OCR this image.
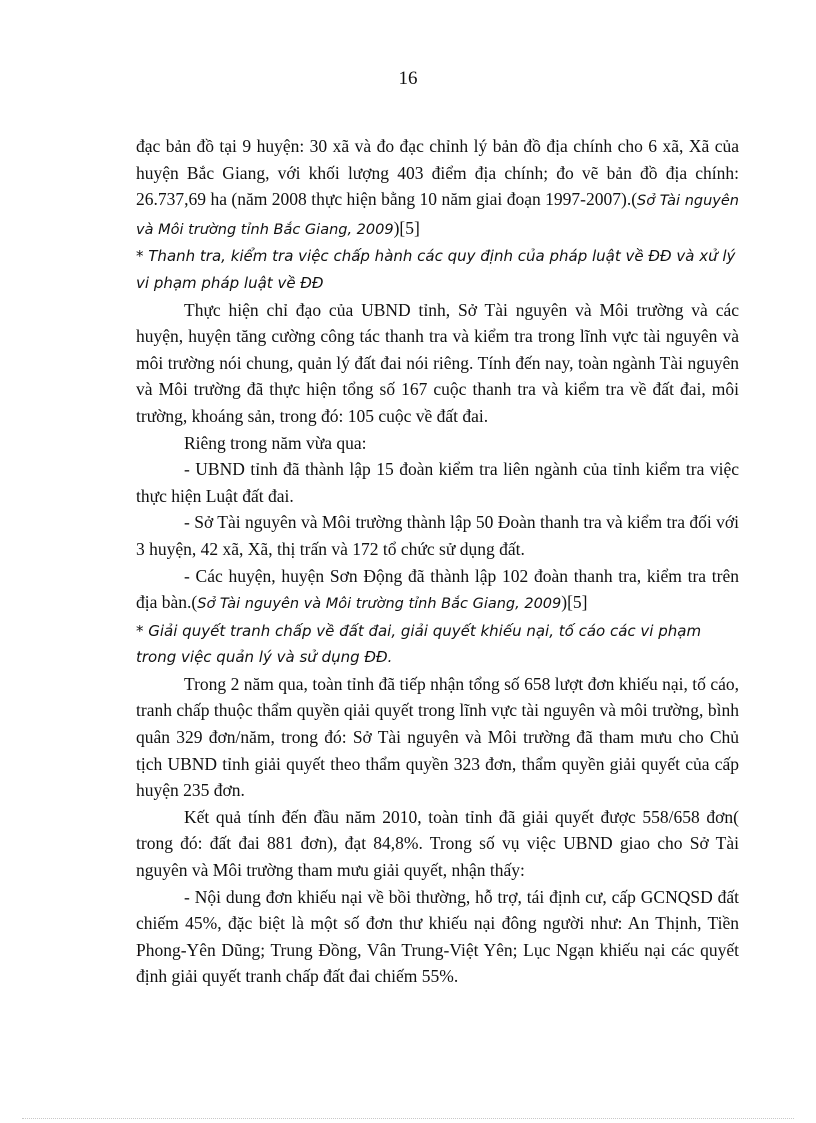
16

đạc bản đồ tại 9 huyện: 30 xã và đo đạc chỉnh lý bản đồ địa chính cho 6 xã, Xã của huyện Bắc Giang, với khối lượng 403 điểm địa chính; đo vẽ bản đồ địa chính: 26.737,69 ha (năm 2008 thực hiện bằng 10 năm giai đoạn 1997-2007).(Sở Tài nguyên và Môi trường tỉnh Bắc Giang, 2009)[5]

* Thanh tra, kiểm tra việc chấp hành các quy định của pháp luật về ĐĐ và xử lý vi phạm pháp luật về ĐĐ

Thực hiện chỉ đạo của UBND tỉnh, Sở Tài nguyên và Môi trường và các huyện, huyện tăng cường công tác thanh tra và kiểm tra trong lĩnh vực tài nguyên và môi trường nói chung, quản lý đất đai nói riêng. Tính đến nay, toàn ngành Tài nguyên và Môi trường đã thực hiện tổng số 167 cuộc thanh tra và kiểm tra về đất đai, môi trường, khoáng sản, trong đó: 105 cuộc về đất đai.

Riêng trong năm vừa qua:

- UBND tỉnh đã thành lập 15 đoàn kiểm tra liên ngành của tỉnh kiểm tra việc thực hiện Luật đất đai.

- Sở Tài nguyên và Môi trường thành lập 50 Đoàn thanh tra và kiểm tra đối với 3 huyện, 42 xã, Xã, thị trấn và 172 tổ chức sử dụng đất.

- Các huyện, huyện Sơn Động đã thành lập 102 đoàn thanh tra, kiểm tra trên địa bàn.(Sở Tài nguyên và Môi trường tỉnh Bắc Giang, 2009)[5]

* Giải quyết tranh chấp về đất đai, giải quyết khiếu nại, tố cáo các vi phạm trong việc quản lý và sử dụng ĐĐ.

Trong 2 năm qua, toàn tỉnh đã tiếp nhận tổng số 658 lượt đơn khiếu nại, tố cáo, tranh chấp thuộc thẩm quyền qiải quyết trong lĩnh vực tài nguyên và môi trường, bình quân 329 đơn/năm, trong đó: Sở Tài nguyên và Môi trường đã tham mưu cho Chủ tịch UBND tỉnh giải quyết theo thẩm quyền 323 đơn, thẩm quyền giải quyết của cấp huyện 235 đơn.

Kết quả tính đến đầu năm 2010, toàn tỉnh đã giải quyết được 558/658 đơn( trong đó: đất đai 881 đơn), đạt 84,8%. Trong số vụ việc UBND giao cho Sở Tài nguyên và Môi trường tham mưu giải quyết, nhận thấy:

- Nội dung đơn khiếu nại về bồi thường, hỗ trợ, tái định cư, cấp GCNQSD đất chiếm 45%, đặc biệt là một số đơn thư khiếu nại đông người như: An Thịnh, Tiền Phong-Yên Dũng; Trung Đồng, Vân Trung-Việt Yên; Lục Ngạn khiếu nại các quyết định giải quyết tranh chấp đất đai chiếm 55%.
